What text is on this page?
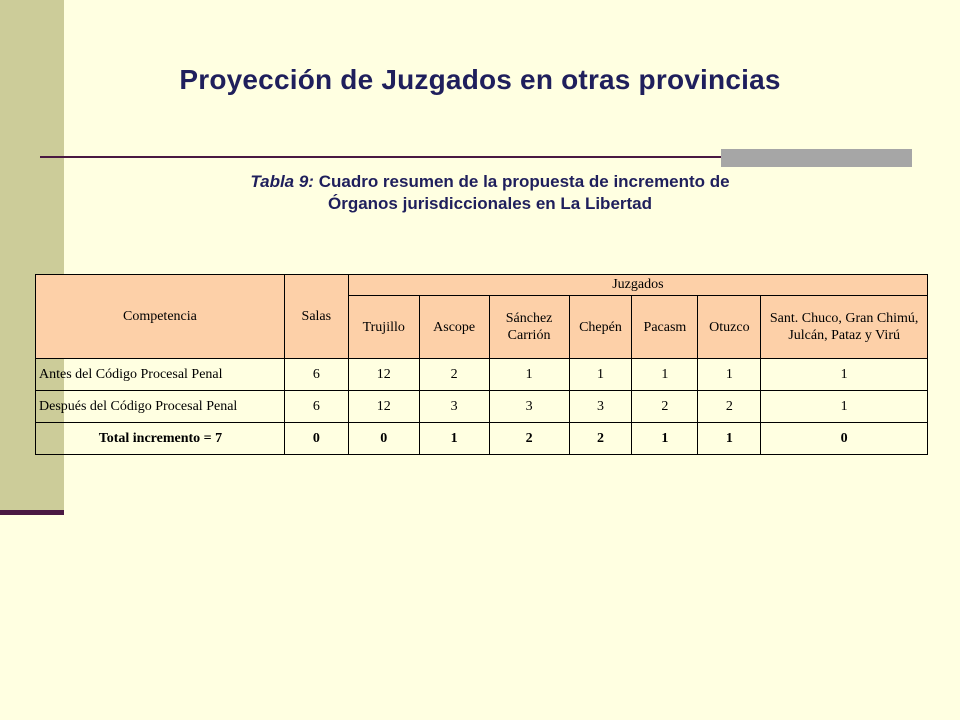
Proyección de Juzgados en otras provincias
Tabla 9: Cuadro resumen de la propuesta de incremento de
Órganos jurisdiccionales en La Libertad
Competencia	Salas	Juzgados						
		Trujillo	Ascope	Sánchez Carrión	Chepén	Pacasm	Otuzco	Sant. Chuco, Gran Chimú, Julcán, Pataz y Virú
Antes del Código Procesal Penal	6	12	2	1	1	1	1	1
Después del Código Procesal Penal	6	12	3	3	3	2	2	1
Total incremento = 7	0	0	1	2	2	1	1	0
